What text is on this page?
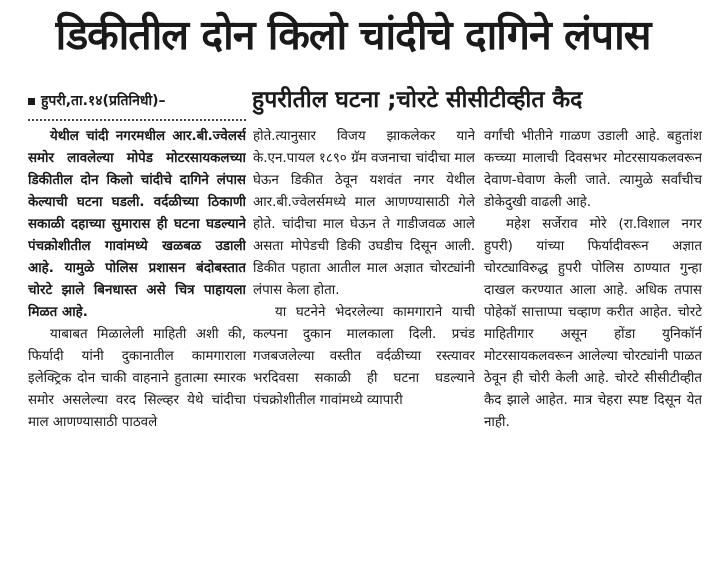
डिकीतील दोन किलो चांदीचे दागिने लंपास
हुपरी,ता.१४(प्रतिनिधी)–	हुपरीतील घटना ;चोरटे सीसीटीव्हीत कैद

येथील चांदी नगरमधील आर.बी.ज्वेलर्स समोर लावलेल्या मोपेड मोटरसायकलच्या डिकीतील दोन किलो चांदीचे दागिने लंपास केल्याची घटना घडली. वर्दळीच्या ठिकाणी सकाळी दहाच्या सुमारास ही घटना घडल्याने पंचक्रोशीतील गावांमध्ये खळबळ उडाली आहे. यामुळे पोलिस प्रशासन बंदोबस्तात चोरटे झाले बिनधास्त असे चित्र पाहायला मिळत आहे.

याबाबत मिळालेली माहिती अशी की, फिर्यादी यांनी दुकानातील कामगाराला इलेक्ट्रिक दोन चाकी वाहनाने हुतात्मा स्मारक समोर असलेल्या वरद सिल्व्हर येथे चांदीचा माल आणण्यासाठी पाठवले

होते.त्यानुसार विजय झाकलेकर याने के.एन.पायल १८९० ग्रॅम वजनाचा चांदीचा माल घेऊन डिकीत ठेवून यशवंत नगर येथील आर.बी.ज्वेलर्समध्ये माल आणण्यासाठी गेले होते. चांदीचा माल घेऊन ते गाडीजवळ आले असता मोपेडची डिकी उघडीच दिसून आली. डिकीत पहाता आतील माल अज्ञात चोरट्यांनी लंपास केला होता.

या घटनेने भेदरलेल्या कामगाराने याची कल्पना दुकान मालकाला दिली. प्रचंड गजबजलेल्या वस्तीत वर्दळीच्या रस्त्यावर भरदिवसा सकाळी ही घटना घडल्याने पंचक्रोशीतील गावांमध्ये व्यापारी

वर्गांची भीतीने गाळण उडाली आहे. बहुतांश कच्च्या मालाची दिवसभर मोटरसायकलवरून देवाण-घेवाण केली जाते. त्यामुळे सर्वांचीच डोकेदुखी वाढली आहे.

महेश सर्जेराव मोरे (रा.विशाल नगर हुपरी) यांच्या फिर्यादीवरून अज्ञात चोरट्याविरुद्ध हुपरी पोलिस ठाण्यात गुन्हा दाखल करण्यात आला आहे. अधिक तपास पोहेकॉ सात्ताप्पा चव्हाण करीत आहेत. चोरटे माहितीगार असून होंडा युनिकॉर्न मोटरसायकलवरून आलेल्या चोरट्यांनी पाळत ठेवून ही चोरी केली आहे. चोरटे सीसीटीव्हीत कैद झाले आहेत. मात्र चेहरा स्पष्ट दिसून येत नाही.
